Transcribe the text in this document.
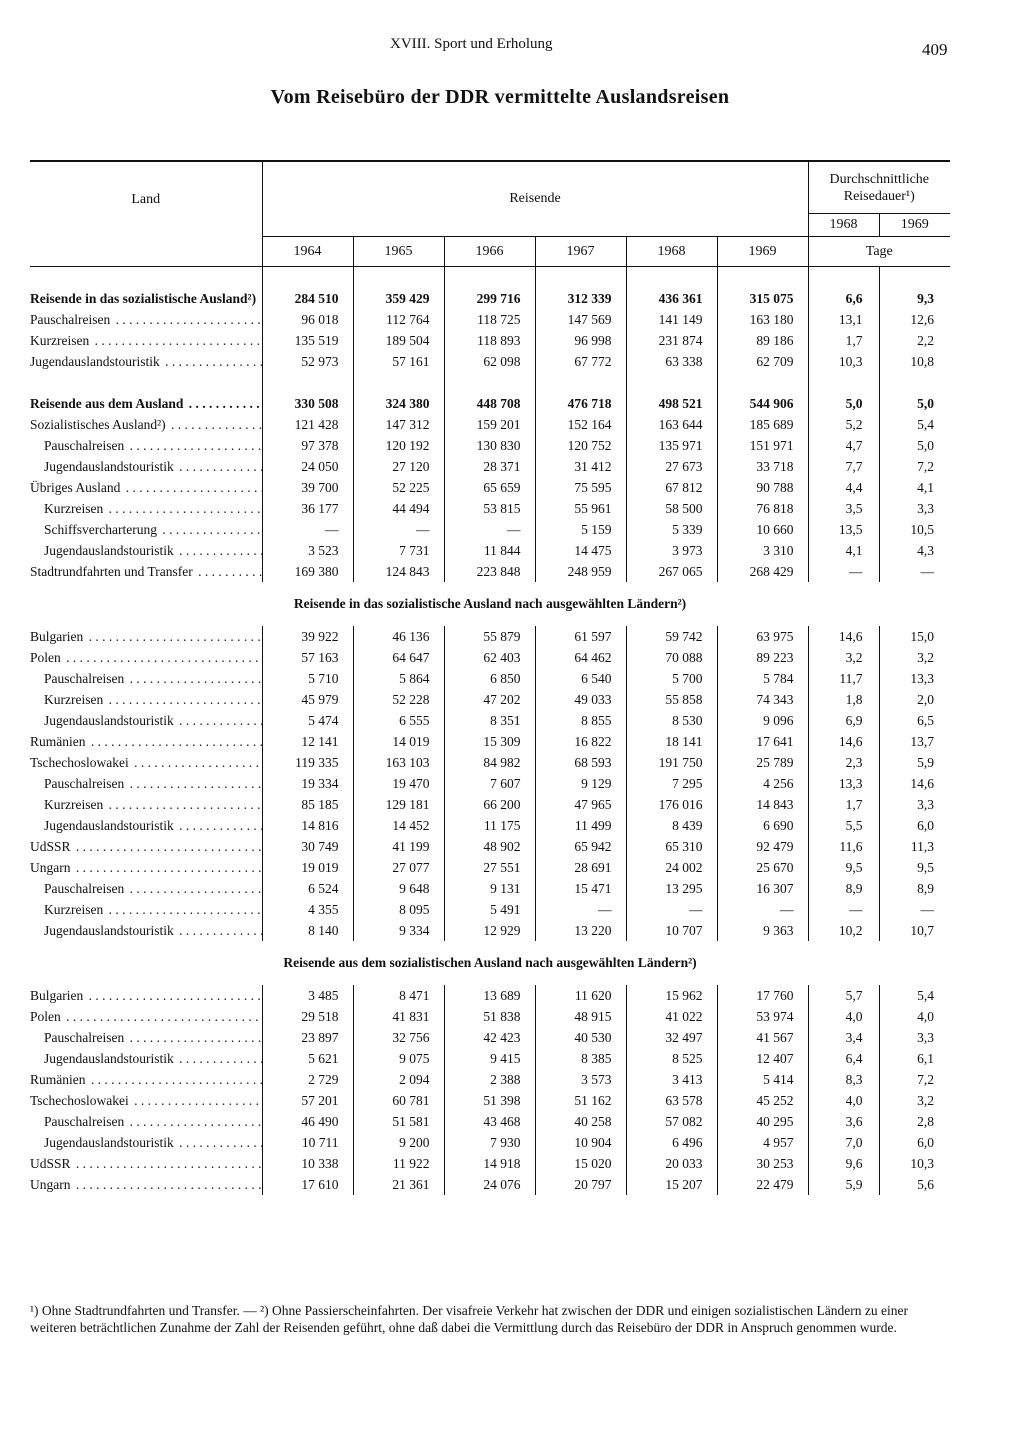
XVIII. Sport und Erholung	409
Vom Reisebüro der DDR vermittelte Auslandsreisen
Land	Reisende						Durchschnittliche Reisedauer¹)	
							1968	1969
	1964	1965	1966	1967	1968	1969	Tage	

Reisende in das sozialistische Ausland²) . . .	284 510	359 429	299 716	312 339	436 361	315 075	6,6	9,3
Pauschalreisen . . .	96 018	112 764	118 725	147 569	141 149	163 180	13,1	12,6
Kurzreisen . . .	135 519	189 504	118 893	96 998	231 874	89 186	1,7	2,2
Jugendauslandstouristik . . .	52 973	57 161	62 098	67 772	63 338	62 709	10,3	10,8

Reisende aus dem Ausland . . .	330 508	324 380	448 708	476 718	498 521	544 906	5,0	5,0
Sozialistisches Ausland²) . . .	121 428	147 312	159 201	152 164	163 644	185 689	5,2	5,4
Pauschalreisen . . .	97 378	120 192	130 830	120 752	135 971	151 971	4,7	5,0
Jugendauslandstouristik . . .	24 050	27 120	28 371	31 412	27 673	33 718	7,7	7,2
Übriges Ausland . . .	39 700	52 225	65 659	75 595	67 812	90 788	4,4	4,1
Kurzreisen . . .	36 177	44 494	53 815	55 961	58 500	76 818	3,5	3,3
Schiffsvercharterung . . .	—	—	—	5 159	5 339	10 660	13,5	10,5
Jugendauslandstouristik . . .	3 523	7 731	11 844	14 475	3 973	3 310	4,1	4,3
Stadtrundfahrten und Transfer . . .	169 380	124 843	223 848	248 959	267 065	268 429	—	—
Reisende in das sozialistische Ausland nach ausgewählten Ländern²)								
Bulgarien . . .	39 922	46 136	55 879	61 597	59 742	63 975	14,6	15,0
Polen . . .	57 163	64 647	62 403	64 462	70 088	89 223	3,2	3,2
Pauschalreisen . . .	5 710	5 864	6 850	6 540	5 700	5 784	11,7	13,3
Kurzreisen . . .	45 979	52 228	47 202	49 033	55 858	74 343	1,8	2,0
Jugendauslandstouristik . . .	5 474	6 555	8 351	8 855	8 530	9 096	6,9	6,5
Rumänien . . .	12 141	14 019	15 309	16 822	18 141	17 641	14,6	13,7
Tschechoslowakei . . .	119 335	163 103	84 982	68 593	191 750	25 789	2,3	5,9
Pauschalreisen . . .	19 334	19 470	7 607	9 129	7 295	4 256	13,3	14,6
Kurzreisen . . .	85 185	129 181	66 200	47 965	176 016	14 843	1,7	3,3
Jugendauslandstouristik . . .	14 816	14 452	11 175	11 499	8 439	6 690	5,5	6,0
UdSSR . . .	30 749	41 199	48 902	65 942	65 310	92 479	11,6	11,3
Ungarn . . .	19 019	27 077	27 551	28 691	24 002	25 670	9,5	9,5
Pauschalreisen . . .	6 524	9 648	9 131	15 471	13 295	16 307	8,9	8,9
Kurzreisen . . .	4 355	8 095	5 491	—	—	—	—	—
Jugendauslandstouristik . . .	8 140	9 334	12 929	13 220	10 707	9 363	10,2	10,7
Reisende aus dem sozialistischen Ausland nach ausgewählten Ländern²)								
Bulgarien . . .	3 485	8 471	13 689	11 620	15 962	17 760	5,7	5,4
Polen . . .	29 518	41 831	51 838	48 915	41 022	53 974	4,0	4,0
Pauschalreisen . . .	23 897	32 756	42 423	40 530	32 497	41 567	3,4	3,3
Jugendauslandstouristik . . .	5 621	9 075	9 415	8 385	8 525	12 407	6,4	6,1
Rumänien . . .	2 729	2 094	2 388	3 573	3 413	5 414	8,3	7,2
Tschechoslowakei . . .	57 201	60 781	51 398	51 162	63 578	45 252	4,0	3,2
Pauschalreisen . . .	46 490	51 581	43 468	40 258	57 082	40 295	3,6	2,8
Jugendauslandstouristik . . .	10 711	9 200	7 930	10 904	6 496	4 957	7,0	6,0
UdSSR . . .	10 338	11 922	14 918	15 020	20 033	30 253	9,6	10,3
Ungarn . . .	17 610	21 361	24 076	20 797	15 207	22 479	5,9	5,6
¹) Ohne Stadtrundfahrten und Transfer. — ²) Ohne Passierscheinfahrten. Der visafreie Verkehr hat zwischen der DDR und einigen sozialistischen Ländern zu einer weiteren beträchtlichen Zunahme der Zahl der Reisenden geführt, ohne daß dabei die Vermittlung durch das Reisebüro der DDR in Anspruch genommen wurde.
